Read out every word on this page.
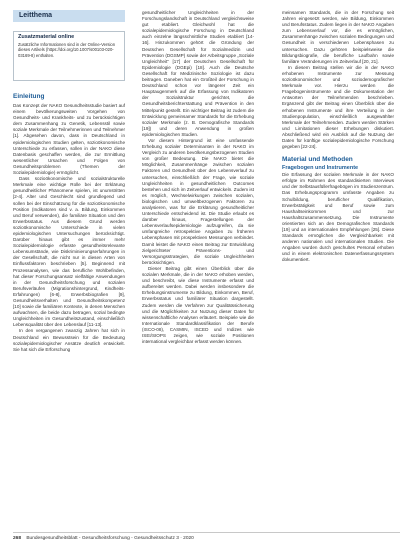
Leitthema
Zusatzmaterial online
Zusätzliche Informationen sind in der Online-Version dieses Artikels (https://doi.org/10.1007/s00103-020-03169-8) enthalten.
Einleitung

Das Konzept der NAKO Gesundheitsstudie basiert auf einem bevölkerungsweiten Vorgehen von Gesundheits- und Krankheits- und zu berücksichtigen dem Zusammenhang zu Genetik, Lebensstil sowie soziale Merkmale der Teilnehmerinnen und Teilnehmer [1]. Abgesehen davon, dass in Deutschland in epidemiologischen Studien gelten, sozioökonomische Unterschiede zu erfassen, sollen in der NAKO diese Datenbasis geschaffen werden, die zur Ermittlung wesentlicher Ursachen und Folgen von Gesundheitsproblemen (Themen der Sozialepidemiologie) ermöglicht.

Dass sozioökonomische und sozialstrukturelle Merkmale eine wichtige Rolle bei der Erklärung gesundheitlicher Phänomene spielen, ist unumstritten [2-4]. Alter und Geschlecht sind grundlegend und sollen bei der Einschätzung für die sozioökonomische Position (Indikatoren sind v. a. Bildung, Einkommen und Beruf verwenden), die familiäre Situation und den Erwerbsstatus. Aus diesem Grund werden sozioökonomische Unterschiede in vielen epidemiologischen Untersuchungen berücksichtigt. Darüber hinaus gibt es immer mehr Sozialepidemiologie erfasste gesundheitsrelevante Lebensumstände, wie Diskriminierungserfahrungen in der Gesellschaft, die nicht nur in diesen Arten von Einflussfaktoren beschrieben [5]. Beginnend mit Prozessanalysen, wie das berufliche Wohlbefinden, hat dieser Forschungsansatz vielfältige Anwendungen in der Gesundheitsforschung und sozialen Berufsverläufen (Migrationshintergrund, Kindheits-Erfahrungen) [6-8], Erwerbsbiografien [9], Gesundheitsverhalten und Gesundheitskompetenz [10] sowie die familiären Kontexte, in denen Menschen aufwachsen, die beide dazu betragen, sozial bedingte Ungleichheiten im Gesundheitszustand, einschließlich Lebensqualität über den Lebenslauf [11-13].

In den vergangenen zwanzig Jahren hat sich in Deutschland ein Bewusstsein für die Bedeutung sozialepidemiologischer Ansätze deutlich entwickelt. Sie hat sich die Erforschung

gesundheitlicher Ungleichheiten in der Forschungslandschaft in Deutschland vergleichsweise gut etabliert. Gleichwohl hat die sozialepidemiologische Forschung in Deutschland auch einzelne längsschnittliche Studien etabliert [14-16]. Hinzukommen gehört die Gründung der Deutschen Gesellschaft für Sozialmedizin und Prävention (DGSMP) sowie der Arbeitsgruppe „Soziale Ungleichheit“ [17] der Deutschen Gesellschaft für Epidemiologie (DGEpi) [18]. Auch die Deutsche Gesellschaft für Medizinische Soziologie ist dazu beitragen. Daneben hat ein Großteil der Forschung in Deutschland schon vor längerer Zeit ein Hauptaugenmerk auf die Erfassung von Indikatoren der Sozialstruktur gerichtet, die Gesundheitsberichterstattung und Prävention in den Mittelpunkt gestellt. Ein wichtiger Beitrag ist zudem die Entwicklung gemeinsamer Standards für die Erhebung sozialer Merkmale (z. B. Demografische Standards [19]) und deren Anwendung in großen epidemiologischen Studien.

Vor diesem Hintergrund ist eine umfassende Erhebung sozialer Determinanten in der NAKO im Vergleich zu anderen bevölkerungsbezogenen Studien von großer Bedeutung. Die NAKO bietet die Möglichkeit, Zusammenhänge zwischen sozialen Faktoren und Gesundheit über den Lebensverlauf zu untersuchen, einschließlich der Frage, wie soziale Ungleichheiten in gesundheitlichen Outcomes bestehen und sich im Zeitverlauf entwickeln. Zudem ist es möglich, Wechselwirkungen zwischen sozialen, biologischen und umweltbezogenen Faktoren zu analysieren, was für die Erklärung gesundheitlicher Unterschiede entscheidend ist. Die Studie erlaubt es darüber hinaus, Fragestellungen der Lebensverlaufsepidemiologie aufzugreifen, da sie umfangreiche retrospektive Angaben zu früheren Lebensphasen mit prospektiven Messungen verbindet. Damit leistet die NAKO einen Beitrag zur Entwicklung zielgerichteter Präventions- und Versorgungsstrategien, die soziale Ungleichheiten berücksichtigen.

Dieser Beitrag gibt einen Überblick über die sozialen Merkmale, die in der NAKO erhoben werden, und beschreibt, wie diese Instrumente erfasst und aufbereitet werden. Dabei werden insbesondere die Erhebungsinstrumente zu Bildung, Einkommen, Beruf, Erwerbsstatus und familiärer Situation dargestellt. Zudem werden die Verfahren zur Qualitätssicherung und die Möglichkeiten zur Nutzung dieser Daten für wissenschaftliche Analysen erläutert. Beispiele wie die Internationale Standardklassifikation der Berufe (ISCO-08), CASMIN, ISCED und Indizes wie ISEI/SIOPS zeigen, wie soziale Positionen international vergleichbar erfasst werden können.

meinsamen Standards, die in der Forschung seit Jahren eingesetzt werden, wie Bildung, Einkommen und Berufsstatus. Zudem liegen in der NAKO Angaben zum Lebensverlauf vor, die es ermöglichen, Zusammenhänge zwischen sozialen Bedingungen und Gesundheit in verschiedenen Lebensphasen zu untersuchen. Dazu gehören beispielsweise die Bildungsbiografie, die berufliche Laufbahn sowie familiäre Veränderungen im Zeitverlauf [20, 21].

In diesem Beitrag stellen wir die in der NAKO erhobenen Instrumente zur Messung sozioökonomischer und soziodemografischer Merkmale vor. Hierzu werden die Fragebogeninstrumente und die Dokumentation der Antworten der Teilnehmenden beschrieben. Ergänzend gibt der Beitrag einen Überblick über die erhobenen Instrumente und ihre Verteilung in der Studienpopulation, einschließlich ausgewählter Merkmale der Teilnehmenden. Zudem werden Stärken und Limitationen dieser Erhebungen diskutiert. Abschließend wird ein Ausblick auf die Nutzung der Daten für künftige sozialepidemiologische Forschung gegeben [22-24].

Material und Methoden
Fragebogen und Instrumente

Die Erfassung der sozialen Merkmale in der NAKO erfolgte im Rahmen des standardisierten Interviews und der Selbstausfüllerfragebögen im Studienzentrum. Das Erhebungsprogramm umfasste Angaben zu Schulbildung, beruflicher Qualifikation, Erwerbstätigkeit und Beruf sowie zum Haushaltseinkommen und zur Haushaltszusammensetzung. Die Instrumente orientierten sich an den Demografischen Standards [19] und an internationalen Empfehlungen [25]. Diese Standards ermöglichen die Vergleichbarkeit mit anderen nationalen und internationalen Studien. Die Angaben wurden durch geschultes Personal erhoben und in einem elektronischen Datenerfassungssystem dokumentiert.

268 Bundesgesundheitsblatt - Gesundheitsforschung - Gesundheitsschutz 3 · 2020
